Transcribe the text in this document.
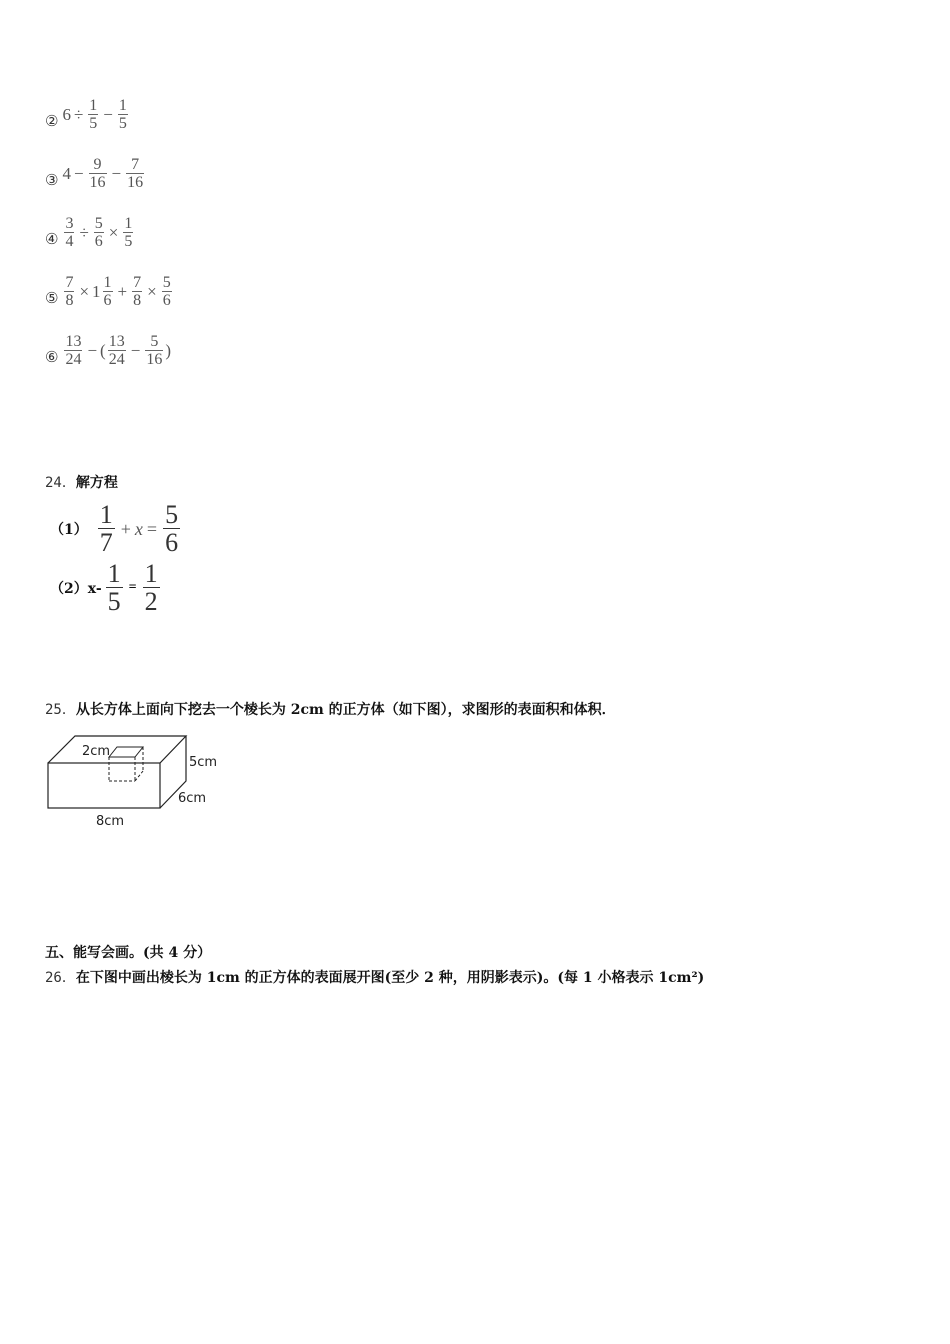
② $6 \div \frac{1}{5} - \frac{1}{5}$
③ $4 - \frac{9}{16} - \frac{7}{16}$
④ $\frac{3}{4} \div \frac{5}{6} \times \frac{1}{5}$
⑤ $\frac{7}{8} \times 1 \frac{1}{6} + \frac{7}{8} \times \frac{5}{6}$
⑥ $\frac{13}{24}$ − ( $\frac{13}{24} - \frac{5}{16}$ )
24．解方程
$(1) \frac{1}{7} + x = \frac{5}{6}$
$(2)x- \frac{1}{5} = \frac{1}{2}$
25．从长方体上面向下挖去一个棱长为 2cm 的正方体（如下图），求图形的表面积和体积．
2cm
5cm
6cm
8cm
五、能写会画。(共 4 分）
26．在下图中画出棱长为 1cm 的正方体的表面展开图(至少 2 种，用阴影表示)。(每 1 小格表示 1cm²)
